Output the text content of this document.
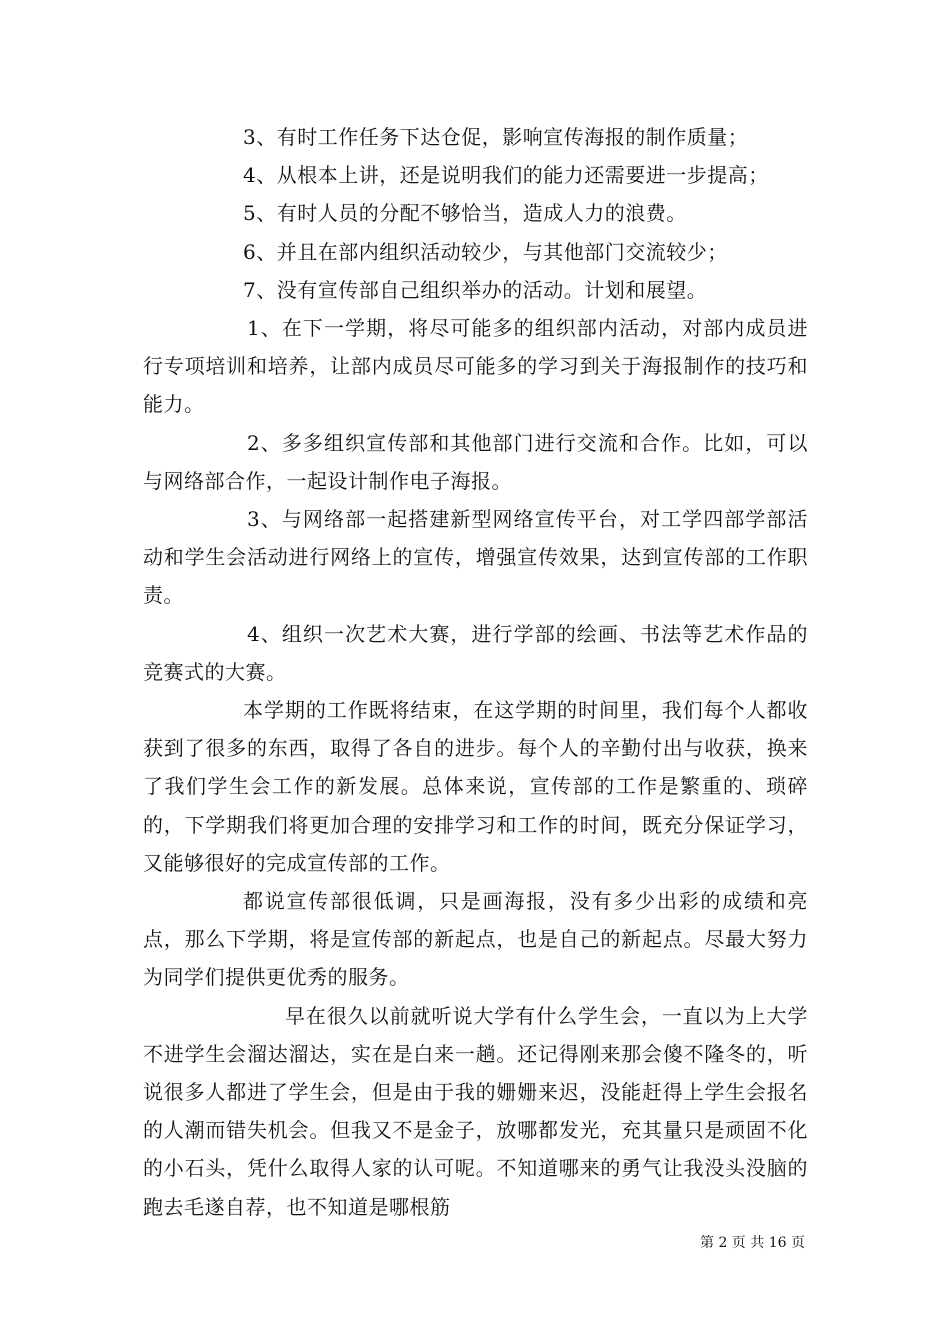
3、有时工作任务下达仓促，影响宣传海报的制作质量；

4、从根本上讲，还是说明我们的能力还需要进一步提高；

5、有时人员的分配不够恰当，造成人力的浪费。

6、并且在部内组织活动较少，与其他部门交流较少；

7、没有宣传部自己组织举办的活动。计划和展望。

1、在下一学期，将尽可能多的组织部内活动，对部内成员进行专项培训和培养，让部内成员尽可能多的学习到关于海报制作的技巧和能力。

2、多多组织宣传部和其他部门进行交流和合作。比如，可以与网络部合作，一起设计制作电子海报。

3、与网络部一起搭建新型网络宣传平台，对工学四部学部活动和学生会活动进行网络上的宣传，增强宣传效果，达到宣传部的工作职责。

4、组织一次艺术大赛，进行学部的绘画、书法等艺术作品的竞赛式的大赛。

本学期的工作既将结束，在这学期的时间里，我们每个人都收获到了很多的东西，取得了各自的进步。每个人的辛勤付出与收获，换来了我们学生会工作的新发展。总体来说，宣传部的工作是繁重的、琐碎的，下学期我们将更加合理的安排学习和工作的时间，既充分保证学习，又能够很好的完成宣传部的工作。

都说宣传部很低调，只是画海报，没有多少出彩的成绩和亮点，那么下学期，将是宣传部的新起点，也是自己的新起点。尽最大努力为同学们提供更优秀的服务。

早在很久以前就听说大学有什么学生会，一直以为上大学不进学生会溜达溜达，实在是白来一趟。还记得刚来那会傻不隆冬的，听说很多人都进了学生会，但是由于我的姗姗来迟，没能赶得上学生会报名的人潮而错失机会。但我又不是金子，放哪都发光，充其量只是顽固不化的小石头，凭什么取得人家的认可呢。不知道哪来的勇气让我没头没脑的跑去毛遂自荐，也不知道是哪根筋

第 2 页 共 16 页
